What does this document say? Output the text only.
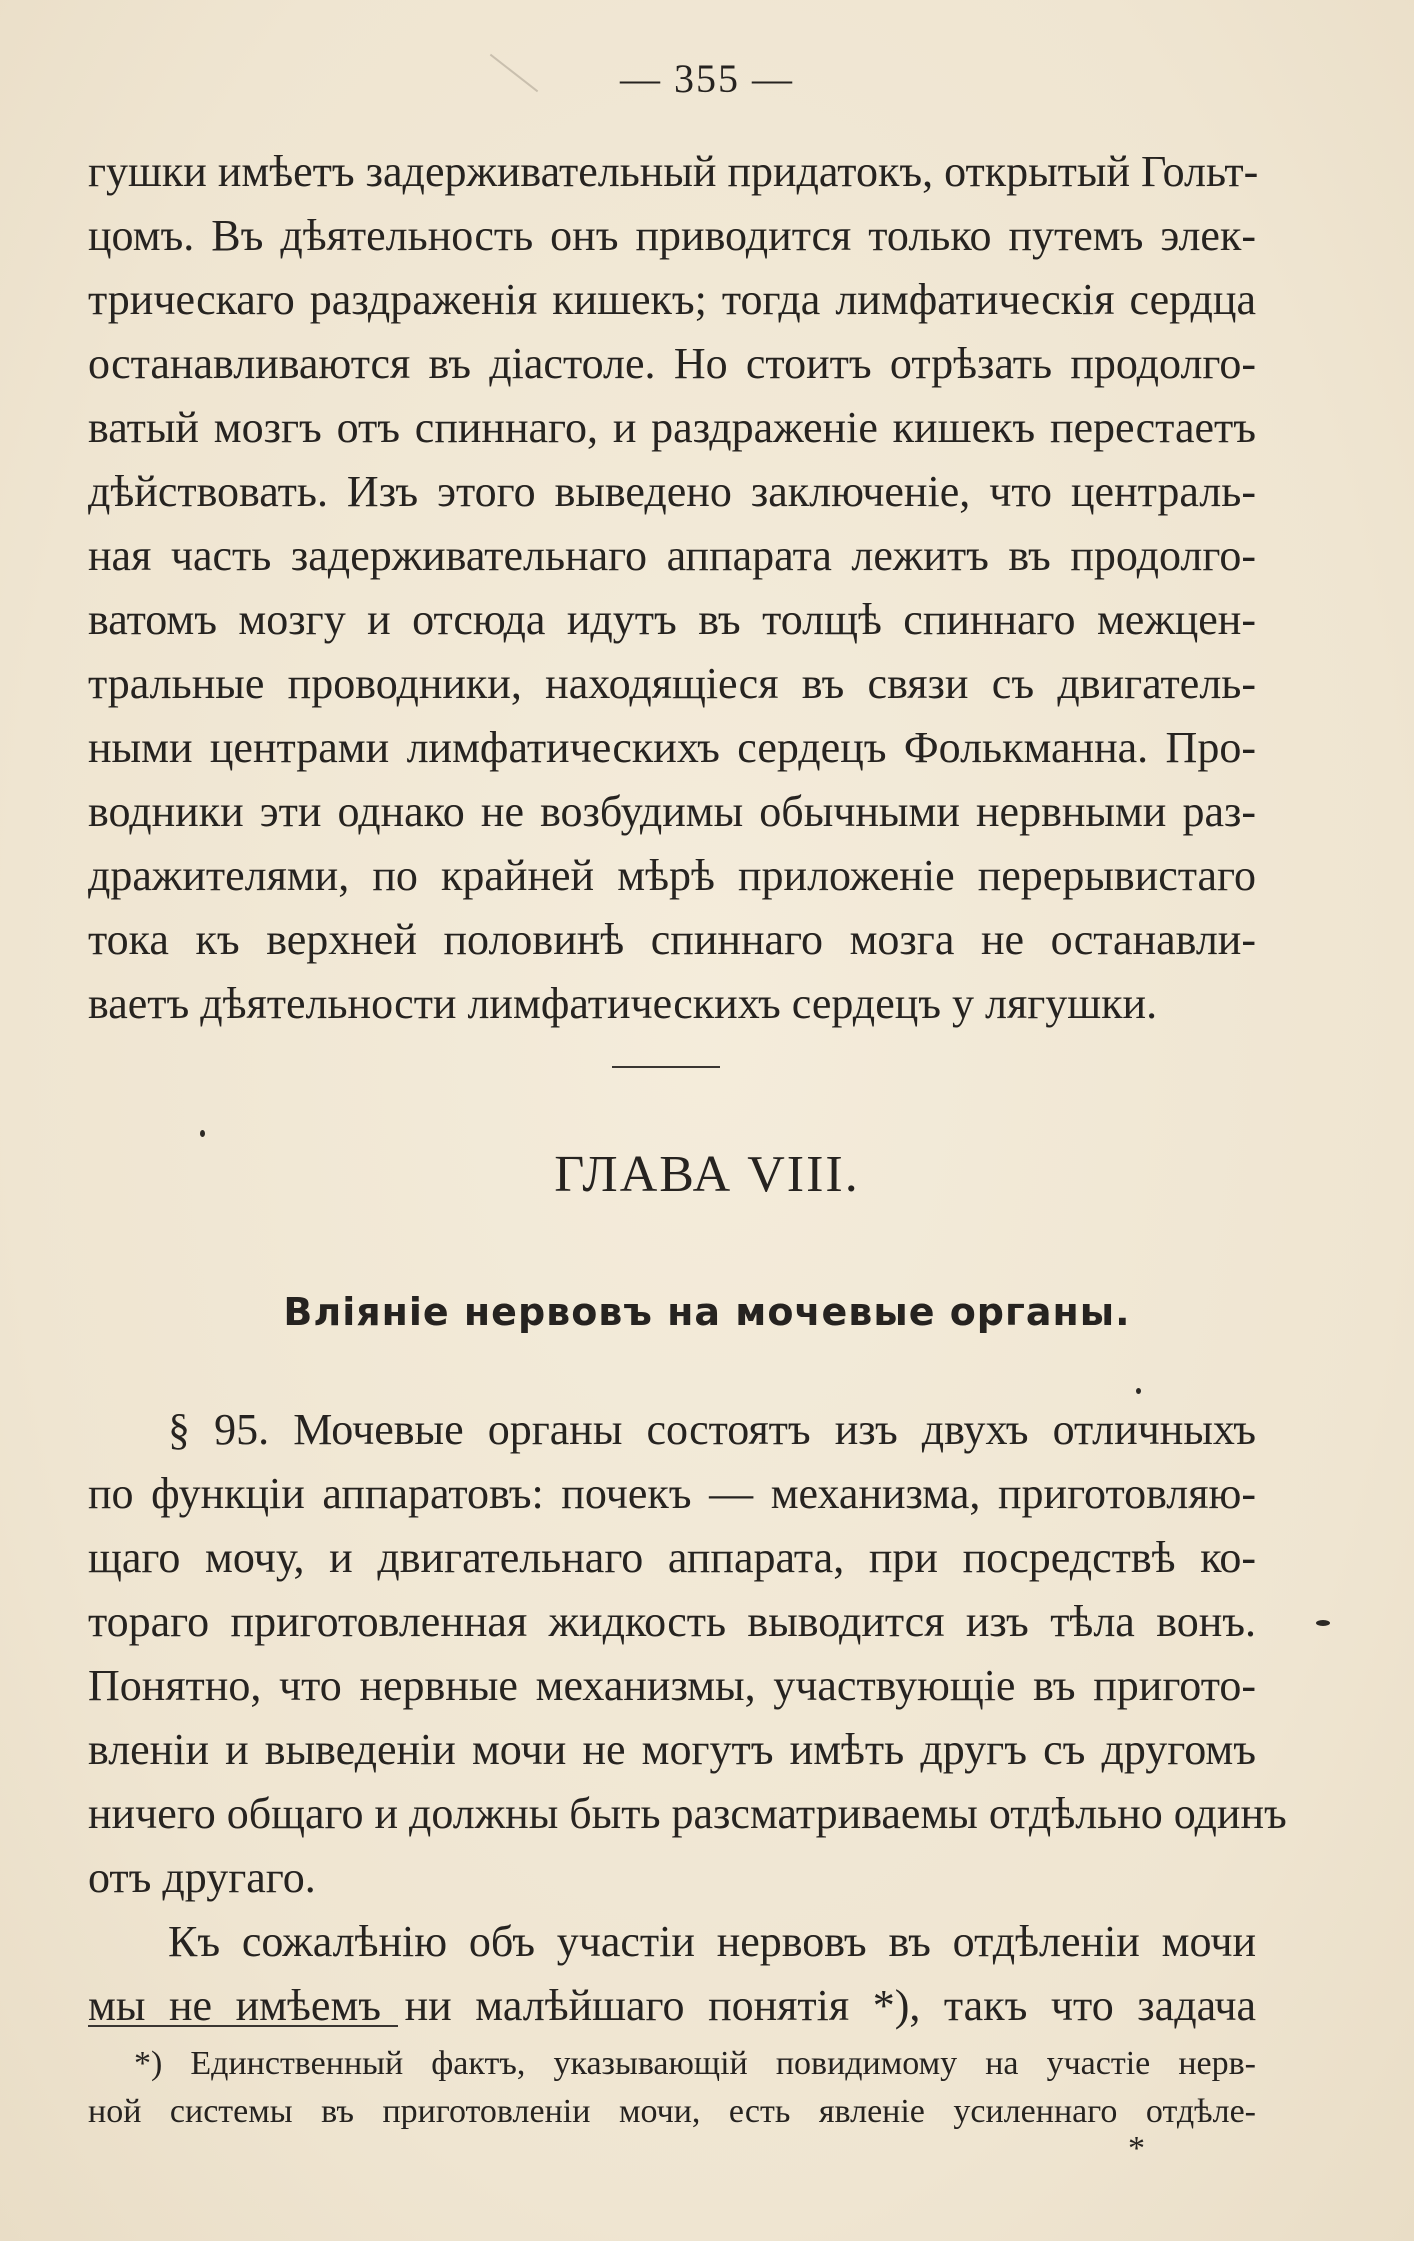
— 355 —
гушки имѣетъ задерживательный придатокъ, открытый Гольт-
цомъ. Въ дѣятельность онъ приводится только путемъ элек-
трическаго раздраженія кишекъ; тогда лимфатическія сердца
останавливаются въ діастоле. Но стоитъ отрѣзать продолго-
ватый мозгъ отъ спиннаго, и раздраженіе кишекъ перестаетъ
дѣйствовать. Изъ этого выведено заключеніе, что централь-
ная часть задерживательнаго аппарата лежитъ въ продолго-
ватомъ мозгу и отсюда идутъ въ толщѣ спиннаго межцен-
тральные проводники, находящіеся въ связи съ двигатель-
ными центрами лимфатическихъ сердецъ Фолькманна. Про-
водники эти однако не возбудимы обычными нервными раз-
дражителями, по крайней мѣрѣ приложеніе перерывистаго
тока къ верхней половинѣ спиннаго мозга не останавли-
ваетъ дѣятельности лимфатическихъ сердецъ у лягушки.
ГЛАВА VIII.
Вліяніе нервовъ на мочевые органы.
§ 95. Мочевые органы состоятъ изъ двухъ отличныхъ
по функціи аппаратовъ: почекъ — механизма, приготовляю-
щаго мочу, и двигательнаго аппарата, при посредствѣ ко-
тораго приготовленная жидкость выводится изъ тѣла вонъ.
Понятно, что нервные механизмы, участвующіе въ пригото-
вленіи и выведеніи мочи не могутъ имѣть другъ съ другомъ
ничего общаго и должны быть разсматриваемы отдѣльно одинъ
отъ другаго.
Къ сожалѣнію объ участіи нервовъ въ отдѣленіи мочи
мы не имѣемъ ни малѣйшаго понятія *), такъ что задача
*) Единственный фактъ, указывающій повидимому на участіе нерв-
ной системы въ приготовленіи мочи, есть явленіе усиленнаго отдѣле-
*
